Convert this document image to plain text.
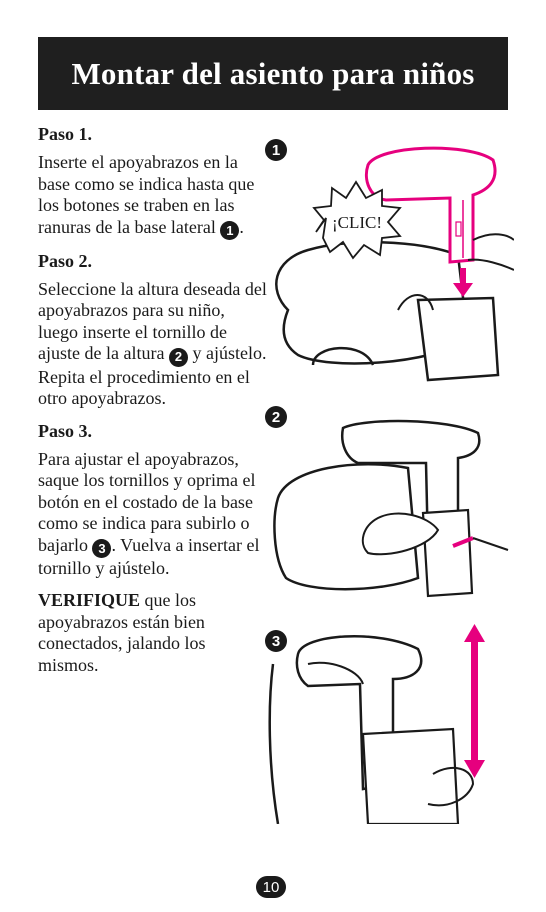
Montar del asiento para niños

Paso 1.

Inserte el apoyabrazos en la base como se indica hasta que los botones se traben en las ranuras de la base lateral 1 .

Paso 2.

Seleccione la altura deseada del apoyabrazos para su niño, luego inserte el tornillo de ajuste de la altura 2 y ajústelo. Repita el procedimiento en el otro apoyabrazos.

Paso 3.

Para ajustar el apoyabrazos, saque los tornillos y oprima el botón en el costado de la base como se indica para subirlo o bajarlo 3 . Vuelva a insertar el tornillo y ajústelo.

VERIFIQUE que los apoyabrazos están bien conectados, jalando los mismos.

1
¡CLIC!
2
3
10
